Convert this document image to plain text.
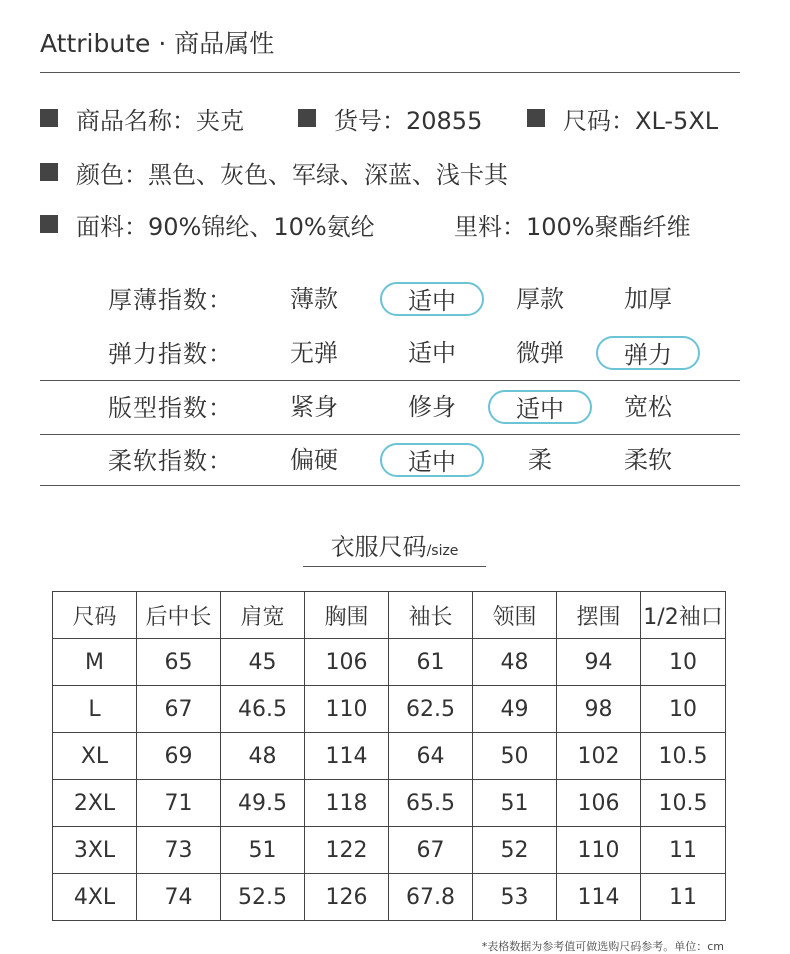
Attribute · 商品属性
商品名称：夹克	货号：20855	尺码：XL-5XL
颜色：黑色、灰色、军绿、深蓝、浅卡其
面料：90%锦纶、10%氨纶	里料：100%聚酯纤维
厚薄指数：	薄款	适中	厚款	加厚
弹力指数：	无弹	适中	微弹	弹力
版型指数：	紧身	修身	适中	宽松
柔软指数：	偏硬	适中	柔	柔软
衣服尺码/size
尺码	后中长	肩宽	胸围	袖长	领围	摆围	1/2袖口
M	65	45	106	61	48	94	10
L	67	46.5	110	62.5	49	98	10
XL	69	48	114	64	50	102	10.5
2XL	71	49.5	118	65.5	51	106	10.5
3XL	73	51	122	67	52	110	11
4XL	74	52.5	126	67.8	53	114	11
*表格数据为参考值可做选购尺码参考。单位：cm
